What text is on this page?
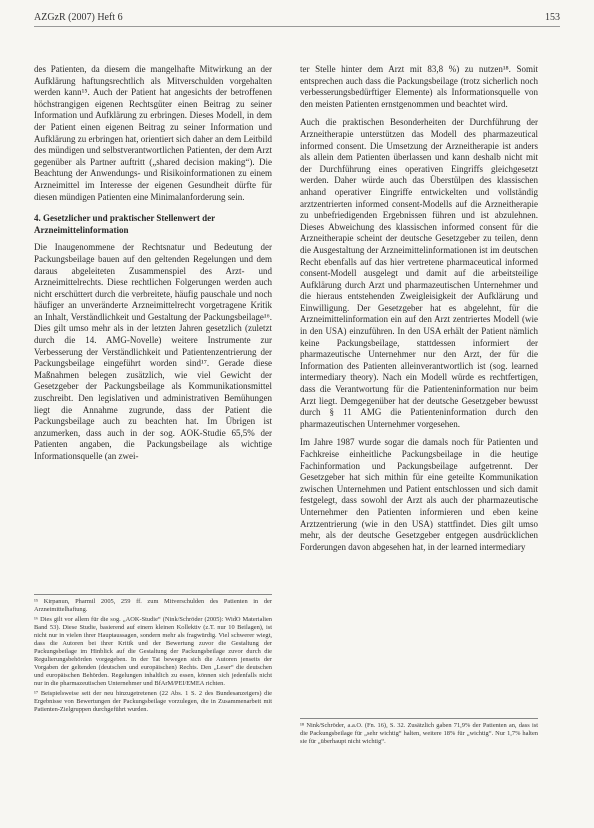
AZGzR (2007) Heft 6	153

des Patienten, da diesem die mangelhafte Mitwirkung an der Aufklärung haftungsrechtlich als Mitverschulden vorgehalten werden kann¹⁵. Auch der Patient hat angesichts der betroffenen höchstrangigen eigenen Rechtsgüter einen Beitrag zu seiner Information und Aufklärung zu erbringen. Dieses Modell, in dem der Patient einen eigenen Beitrag zu seiner Information und Aufklärung zu erbringen hat, orientiert sich daher an dem Leitbild des mündigen und selbstverantwortlichen Patienten, der dem Arzt gegenüber als Partner auftritt („shared decision making“). Die Beachtung der Anwendungs- und Risikoinformationen zu einem Arzneimittel im Interesse der eigenen Gesundheit dürfte für diesen mündigen Patienten eine Minimalanforderung sein.

4. Gesetzlicher und praktischer Stellenwert der Arzneimittelinformation

Die Inaugenommene der Rechtsnatur und Bedeutung der Packungsbeilage bauen auf den geltenden Regelungen und dem daraus abgeleiteten Zusammenspiel des Arzt- und Arzneimittelrechts. Diese rechtlichen Folgerungen werden auch nicht erschüttert durch die verbreitete, häufig pauschale und noch häufiger an unveränderte Arzneimittelrecht vorgetragene Kritik an Inhalt, Verständlichkeit und Gestaltung der Packungsbeilage¹⁶. Dies gilt umso mehr als in der letzten Jahren gesetzlich (zuletzt durch die 14. AMG-Novelle) weitere Instrumente zur Verbesserung der Verständlichkeit und Patientenzentrierung der Packungsbeilage eingeführt worden sind¹⁷. Gerade diese Maßnahmen belegen zusätzlich, wie viel Gewicht der Gesetzgeber der Packungsbeilage als Kommunikationsmittel zuschreibt. Den legislativen und administrativen Bemühungen liegt die Annahme zugrunde, dass der Patient die Packungsbeilage auch zu beachten hat. Im Übrigen ist anzumerken, dass auch in der sog. AOK-Studie 65,5% der Patienten angaben, die Packungsbeilage als wichtige Informationsquelle (an zwei-

ter Stelle hinter dem Arzt mit 83,8 %) zu nutzen¹⁸. Somit entsprechen auch dass die Packungsbeilage (trotz sicherlich noch verbesserungsbedürftiger Elemente) als Informationsquelle von den meisten Patienten ernstgenommen und beachtet wird.

Auch die praktischen Besonderheiten der Durchführung der Arzneitherapie unterstützen das Modell des pharmazeutical informed consent. Die Umsetzung der Arzneitherapie ist anders als allein dem Patienten überlassen und kann deshalb nicht mit der Durchführung eines operativen Eingriffs gleichgesetzt werden. Daher würde auch das Überstülpen des klassischen anhand operativer Eingriffe entwickelten und vollständig arztzentrierten informed consent-Modells auf die Arzneitherapie zu unbefriedigenden Ergebnissen führen und ist abzulehnen. Dieses Abweichung des klassischen informed consent für die Arzneitherapie scheint der deutsche Gesetzgeber zu teilen, denn die Ausgestaltung der Arzneimittelinformationen ist im deutschen Recht ebenfalls auf das hier vertretene pharmaceutical informed consent-Modell ausgelegt und damit auf die arbeitsteilige Aufklärung durch Arzt und pharmazeutischen Unternehmer und die hieraus entstehenden Zweigleisigkeit der Aufklärung und Einwilligung. Der Gesetzgeber hat es abgelehnt, für die Arzneimittelinformation ein auf den Arzt zentriertes Modell (wie in den USA) einzuführen. In den USA erhält der Patient nämlich keine Packungsbeilage, stattdessen informiert der pharmazeutische Unternehmer nur den Arzt, der für die Information des Patienten alleinverantwortlich ist (sog. learned intermediary theory). Nach ein Modell würde es rechtfertigen, dass die Verantwortung für die Patienteninformation nur beim Arzt liegt. Demgegenüber hat der deutsche Gesetzgeber bewusst durch § 11 AMG die Patienteninformation durch den pharmazeutischen Unternehmer vorgesehen.

Im Jahre 1987 wurde sogar die damals noch für Patienten und Fachkreise einheitliche Packungsbeilage in die heutige Fachinformation und Packungsbeilage aufgetrennt. Der Gesetzgeber hat sich mithin für eine geteilte Kommunikation zwischen Unternehmen und Patient entschlossen und sich damit festgelegt, dass sowohl der Arzt als auch der pharmazeutische Unternehmer den Patienten informieren und eben keine Arztzentrierung (wie in den USA) stattfindet. Dies gilt umso mehr, als der deutsche Gesetzgeber entgegen ausdrücklichen Forderungen davon abgesehen hat, in der learned intermediary

¹⁵ Kirpanun, Pharmil 2005, 259 ff. zum Mitverschulden des Patienten in der Arzneimittelhaftung.

¹⁶ Dies gilt vor allem für die sog. „AOK-Studie“ (Nink/Schröder (2005): WidO Materialien Band 53). Diese Studie, basierend auf einem kleinen Kollektiv (z.T. nur 10 Beilagen), ist nicht nur in vielen ihrer Hauptaussagen, sondern mehr als fragwürdig. Viel schwerer wiegt, dass die Autoren bei ihrer Kritik und der Bewertung zuvor die Gestaltung der Packungsbeilage im Hinblick auf die Gestaltung der Packungsbeilage zuvor durch die Regulierungsbehörden vorgegeben. In der Tat bewegen sich die Autoren jenseits der Vorgaben der geltenden (deutschen und europäischen) Rechts. Den „Leser“ die deutschen und europäischen Behörden. Regelungen inhaltlich zu essen, können sich jedenfalls nicht nur in die pharmazeutischen Unternehmer und BfArM/PEI/EMEA richten.

¹⁷ Beispielsweise seit der neu hinzugetretenen (22 Abs. 1 S. 2 des Bundesanzeigers) die Ergebnisse von Bewertungen der Packungsbeilage vorzulegen, die in Zusammenarbeit mit Patienten-Zielgruppen durchgeführt wurden.

¹⁸ Nink/Schröder, a.a.O. (Fn. 16), S. 32. Zusätzlich gaben 71,9% der Patienten an, dass ist die Packungsbeilage für „sehr wichtig“ halten, weitere 18% für „wichtig“. Nur 1,7% halten sie für „überhaupt nicht wichtig“.
